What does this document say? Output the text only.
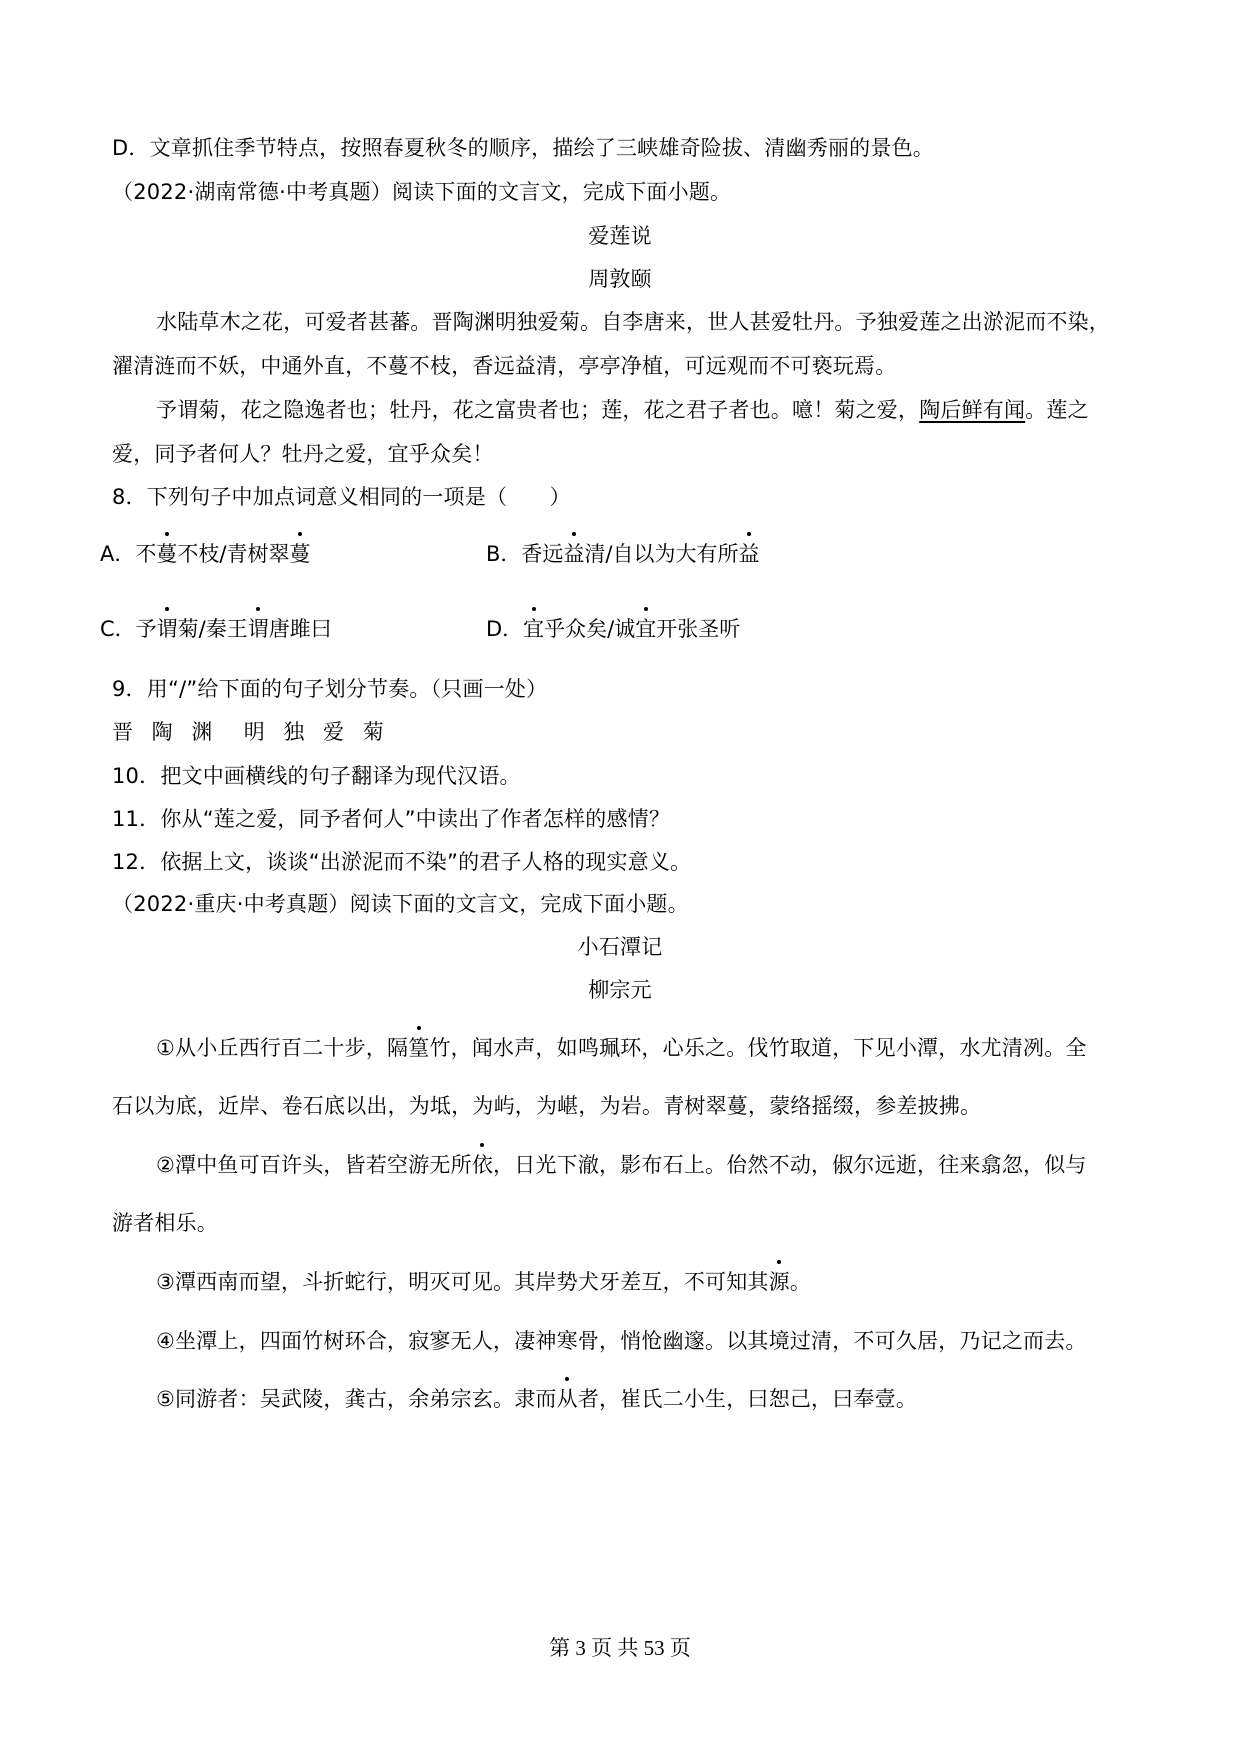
D．文章抓住季节特点，按照春夏秋冬的顺序，描绘了三峡雄奇险拔、清幽秀丽的景色。
（2022·湖南常德·中考真题）阅读下面的文言文，完成下面小题。
爱莲说
周敦颐
水陆草木之花，可爱者甚蕃。晋陶渊明独爱菊。自李唐来，世人甚爱牡丹。予独爱莲之出淤泥而不染，
濯清涟而不妖，中通外直，不蔓不枝，香远益清，亭亭净植，可远观而不可亵玩焉。
予谓菊，花之隐逸者也；牡丹，花之富贵者也；莲，花之君子者也。噫！菊之爱，陶后鲜有闻。莲之
爱，同予者何人？牡丹之爱，宜乎众矣！
8．下列句子中加点词意义相同的一项是（　　）
A．不蔓不枝/青树翠蔓	B．香远益清/自以为大有所益
C．予谓菊/秦王谓唐雎曰	D．宜乎众矣/诚宜开张圣听
9．用“/”给下面的句子划分节奏。（只画一处）
晋 陶 渊  明 独 爱 菊
10．把文中画横线的句子翻译为现代汉语。
11．你从“莲之爱，同予者何人”中读出了作者怎样的感情？
12．依据上文，谈谈“出淤泥而不染”的君子人格的现实意义。
（2022·重庆·中考真题）阅读下面的文言文，完成下面小题。
小石潭记
柳宗元
①从小丘西行百二十步，隔篁竹，闻水声，如鸣珮环，心乐之。伐竹取道，下见小潭，水尤清冽。全
石以为底，近岸、卷石底以出，为坻，为屿，为嵁，为岩。青树翠蔓，蒙络摇缀，参差披拂。
②潭中鱼可百许头，皆若空游无所依，日光下澈，影布石上。佁然不动，俶尔远逝，往来翕忽，似与
游者相乐。
③潭西南而望，斗折蛇行，明灭可见。其岸势犬牙差互，不可知其源。
④坐潭上，四面竹树环合，寂寥无人，凄神寒骨，悄怆幽邃。以其境过清，不可久居，乃记之而去。
⑤同游者：吴武陵，龚古，余弟宗玄。隶而从者，崔氏二小生，曰恕己，曰奉壹。
第 3 页 共 53 页
